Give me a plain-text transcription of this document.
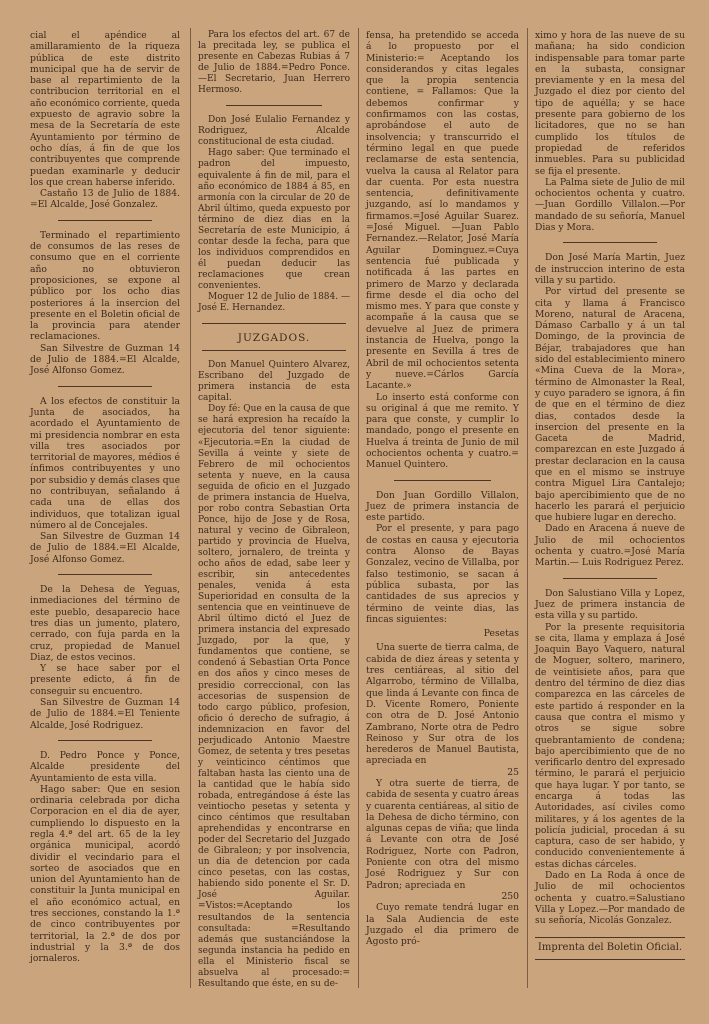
cial el apéndice al amillaramiento de la riqueza pública de este distrito municipal que ha de servir de base al repartimiento de la contribucion territorial en el año económico corriente, queda expuesto de agravio sobre la mesa de la Secretaría de este Ayuntamiento por término de ocho días, á fin de que los contribuyentes que comprende puedan examinarle y deducir los que crean haberse inferido.

Castaño 13 de Julio de 1884. =El Alcalde, José Gonzalez.

Terminado el repartimiento de consumos de las reses de consumo que en el corriente año no obtuvieron proposiciones, se expone al público por los ocho dias posteriores á la insercion del presente en el Boletin oficial de la provincia para atender reclamaciones.

San Silvestre de Guzman 14 de Julio de 1884.=El Alcalde, José Alfonso Gomez.

A los efectos de constituir la Junta de asociados, ha acordado el Ayuntamiento de mi presidencia nombrar en esta villa tres asociados por territorial de mayores, médios é ínfimos contribuyentes y uno por subsidio y demás clases que no contribuyan, señalando á cada una de ellas dos individuos, que totalizan igual número al de Concejales.

San Silvestre de Guzman 14 de Julio de 1884.=El Alcalde, José Alfonso Gomez.

De la Dehesa de Yeguas, inmediaciones del término de este pueblo, desaparecio hace tres dias un jumento, platero, cerrado, con fuja parda en la cruz, propiedad de Manuel Diaz, de estos vecinos.

Y se hace saber por el presente edicto, á fin de conseguir su encuentro.

San Silvestre de Guzman 14 de Julio de 1884.=El Teniente Alcalde, José Rodriguez.

D. Pedro Ponce y Ponce, Alcalde presidente del Ayuntamiento de esta villa.

Hago saber: Que en sesion ordinaria celebrada por dicha Corporacion en el dia de ayer, cumpliendo lo dispuesto en la regla 4.ª del art. 65 de la ley orgánica municipal, acordó dividir el vecindario para el sorteo de asociados que en union del Ayuntamiento han de constituir la Junta municipal en el año económico actual, en tres secciones, constando la 1.ª de cinco contribuyentes por territorial, la 2.ª de dos por industrial y la 3.ª de dos jornaleros.

Para los efectos del art. 67 de la precitada ley, se publica el presente en Cabezas Rubias á 7 de Julio de 1884.=Pedro Ponce. —El Secretario, Juan Herrero Hermoso.

Don José Eulalio Fernandez y Rodriguez, Alcalde constitucional de esta ciudad.

Hago saber: Que terminado el padron del impuesto, equivalente á fin de mil, para el año económico de 1884 á 85, en armonía con la circular de 20 de Abril último, queda expuesto por término de diez dias en la Secretaría de este Municipio, á contar desde la fecha, para que los individuos comprendidos en él puedan deducir las reclamaciones que crean convenientes.

Moguer 12 de Julio de 1884. —José E. Hernandez.

JUZGADOS.

Don Manuel Quintero Alvarez, Escribano del Juzgado de primera instancia de esta capital.

Doy fé: Que en la causa de que se hará expresion ha recaído la ejecutoria del tenor siguiente: «Ejecutoria.=En la ciudad de Sevilla á veinte y siete de Febrero de mil ochocientos setenta y nueve, en la causa seguida de oficio en el Juzgado de primera instancia de Huelva, por robo contra Sebastian Orta Ponce, hijo de Jose y de Rosa, natural y vecino de Gibraleon, partido y provincia de Huelva, soltero, jornalero, de treinta y ocho años de edad, sabe leer y escribir, sin antecedentes penales, venida á esta Superioridad en consulta de la sentencia que en veintinueve de Abril último dictó el Juez de primera instancia del expresado Juzgado, por la que, y fundamentos que contiene, se condenó á Sebastian Orta Ponce en dos años y cinco meses de presidio correccional, con las accesorias de suspension de todo cargo público, profesion, oficio ó derecho de sufragio, á indemnizacion en favor del perjudicado Antonio Maestre Gomez, de setenta y tres pesetas y veinticinco céntimos que faltaban hasta las ciento una de la cantidad que le había sido robada, entregándose á éste las veintiocho pesetas y setenta y cinco céntimos que resultaban aprehendidas y encontrarse en poder del Secretario del Juzgado de Gibraleon; y por insolvencia, un dia de detencion por cada cinco pesetas, con las costas, habiendo sido ponente el Sr. D. José Aguilar. =Vistos:=Aceptando los resultandos de la sentencia consultada: =Resultando además que sustanciándose la segunda instancia ha pedido en ella el Ministerio fiscal se absuelva al procesado:= Resultando que éste, en su de-

fensa, ha pretendido se acceda á lo propuesto por el Ministerio:= Aceptando los considerandos y citas legales que la propia sentencia contiene, = Fallamos: Que la debemos confirmar y confirmamos con las costas, aprobándose el auto de insolvencia; y transcurrido el término legal en que puede reclamarse de esta sentencia, vuelva la causa al Relator para dar cuenta. Por esta nuestra sentencia, definitivamente juzgando, así lo mandamos y firmamos.=José Aguilar Suarez. =José Miguel. —Juan Pablo Fernandez.—Relator, José María Aguilar Dominguez.=Cuya sentencia fué publicada y notificada á las partes en primero de Marzo y declarada firme desde el dia ocho del mismo mes. Y para que conste y acompañe á la causa que se devuelve al Juez de primera instancia de Huelva, pongo la presente en Sevilla á tres de Abril de mil ochocientos setenta y nueve.=Cárlos García Lacante.»

Lo inserto está conforme con su original á que me remito. Y para que conste, y cumplir lo mandado, pongo el presente en Huelva á treinta de Junio de mil ochocientos ochenta y cuatro.= Manuel Quintero.

Don Juan Gordillo Villalon, Juez de primera instancia de este partido.

Por el presente, y para pago de costas en causa y ejecutoria contra Alonso de Bayas Gonzalez, vecino de Villalba, por falso testimonio, se sacan á pública subasta, por las cantidades de sus aprecios y término de veinte dias, las fincas siguientes:

Pesetas

Una suerte de tierra calma, de cabida de diez áreas y setenta y tres centiáreas, al sitio del Algarrobo, término de Villalba, que linda á Levante con finca de D. Vicente Romero, Poniente con otra de D. José Antonio Zambrano, Norte otra de Pedro Reinoso y Sur otra de los herederos de Manuel Bautista, apreciada en
25

Y otra suerte de tierra, de cabida de sesenta y cuatro áreas y cuarenta centiáreas, al sitio de la Dehesa de dicho término, con algunas cepas de viña; que linda á Levante con otra de José Rodriguez, Norte con Padron, Poniente con otra del mismo José Rodriguez y Sur con Padron; apreciada en
250

Cuyo remate tendrá lugar en la Sala Audiencia de este Juzgado el dia primero de Agosto pró-

ximo y hora de las nueve de su mañana; ha sido condicion indispensable para tomar parte en la subasta, consignar previamente y en la mesa del Juzgado el diez por ciento del tipo de aquélla; y se hace presente para gobierno de los licitadores, que no se han cumplido los títulos de propiedad de referidos inmuebles. Para su publicidad se fija el presente.

La Palma siete de Julio de mil ochocientos ochenta y cuatro. —Juan Gordillo Villalon.—Por mandado de su señoría, Manuel Dias y Mora.

Don José María Martin, Juez de instruccion interino de esta villa y su partido.

Por virtud del presente se cita y llama á Francisco Moreno, natural de Aracena, Dámaso Carballo y á un tal Domingo, de la provincia de Béjar, trabajadores que han sido del establecimiento minero «Mina Cueva de la Mora», término de Almonaster la Real, y cuyo paradero se ignora, á fin de que en el término de diez dias, contados desde la insercion del presente en la Gaceta de Madrid, comparezcan en este Juzgado á prestar declaracion en la causa que en el mismo se instruye contra Miguel Lira Cantalejo; bajo apercibimiento que de no hacerlo les parará el perjuicio que hubiere lugar en derecho.

Dado en Aracena á nueve de Julio de mil ochocientos ochenta y cuatro.=José María Martin.— Luis Rodriguez Perez.

Don Salustiano Villa y Lopez, Juez de primera instancia de esta villa y su partido.

Por la presente requisitoria se cita, llama y emplaza á José Joaquin Bayo Vaquero, natural de Moguer, soltero, marinero, de veintisiete años, para que dentro del término de diez dias comparezca en las cárceles de este partido á responder en la causa que contra el mismo y otros se sigue sobre quebrantamiento de condena; bajo apercibimiento que de no verificarlo dentro del expresado término, le parará el perjuicio que haya lugar. Y por tanto, se encarga á todas las Autoridades, así civiles como militares, y á los agentes de la policía judicial, procedan á su captura, caso de ser habido, y conducido convenientemente á estas dichas cárceles.

Dado en La Roda á once de Julio de mil ochocientos ochenta y cuatro.=Salustiano Villa y Lopez.—Por mandado de su señoría, Nicolás Gonzalez.

Imprenta del Boletin Oficial.
